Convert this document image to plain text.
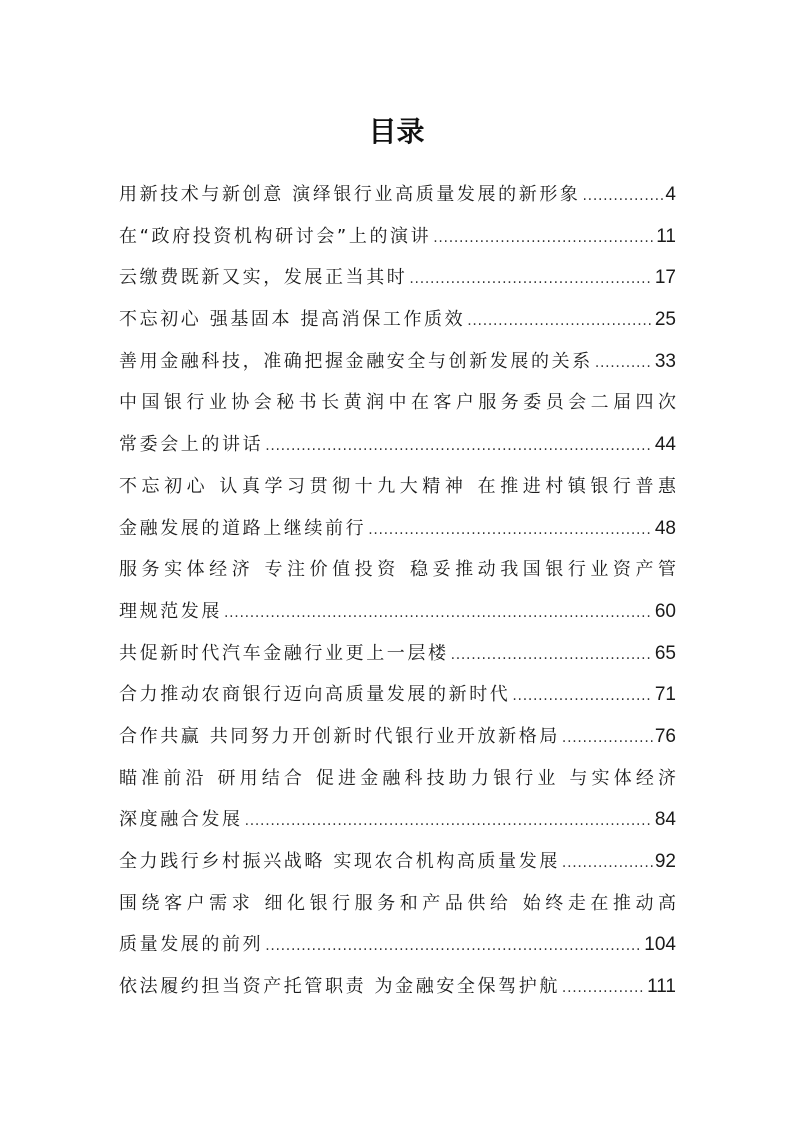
目录
用新技术与新创意 演绎银行业高质量发展的新形象 .....	4
在“政府投资机构研讨会”上的演讲 .....	11
云缴费既新又实，发展正当其时 .....	17
不忘初心 强基固本 提高消保工作质效 .....	25
善用金融科技，准确把握金融安全与创新发展的关系 .....	33
中国银行业协会秘书长黄润中在客户服务委员会二届四次
常委会上的讲话 .....	44
不忘初心 认真学习贯彻十九大精神 在推进村镇银行普惠
金融发展的道路上继续前行 .....	48
服务实体经济 专注价值投资 稳妥推动我国银行业资产管
理规范发展 .....	60
共促新时代汽车金融行业更上一层楼 .....	65
合力推动农商银行迈向高质量发展的新时代 .....	71
合作共赢 共同努力开创新时代银行业开放新格局 .....	76
瞄准前沿 研用结合 促进金融科技助力银行业 与实体经济
深度融合发展 .....	84
全力践行乡村振兴战略 实现农合机构高质量发展 .....	92
围绕客户需求 细化银行服务和产品供给 始终走在推动高
质量发展的前列 .....	104
依法履约担当资产托管职责 为金融安全保驾护航 .....	111
